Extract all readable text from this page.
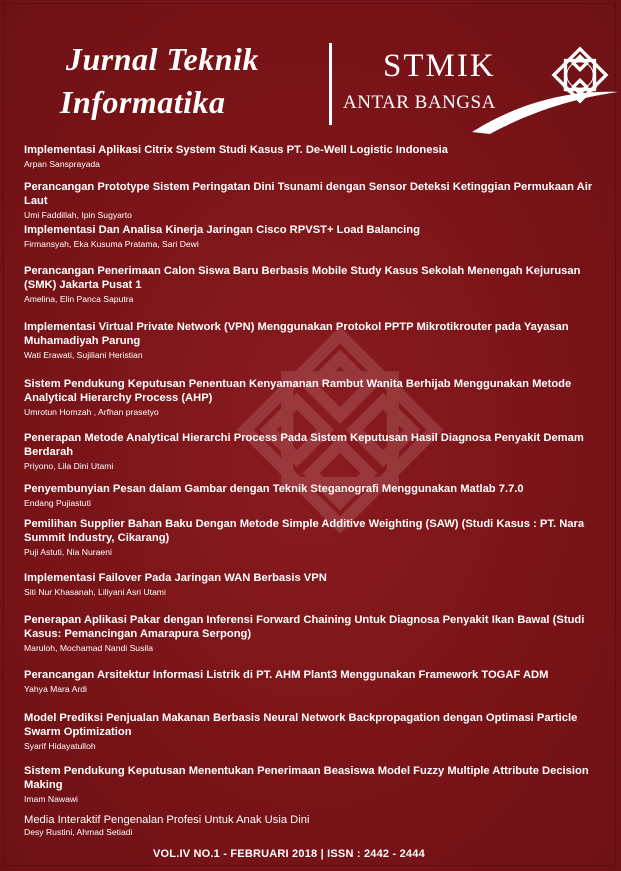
Jurnal Teknik
Informatika
STMIK
ANTAR BANGSA
NUSA PUTRA PUTRI BA
Implementasi Aplikasi Citrix System Studi Kasus PT. De-Well Logistic Indonesia
Arpan Sansprayada
Perancangan Prototype Sistem Peringatan Dini Tsunami dengan Sensor Deteksi Ketinggian Permukaan Air Laut
Umi Faddillah, Ipin Sugyarto
Implementasi Dan Analisa Kinerja Jaringan Cisco RPVST+ Load Balancing
Firmansyah, Eka Kusuma Pratama, Sari Dewi
Perancangan Penerimaan Calon Siswa Baru Berbasis Mobile Study Kasus Sekolah Menengah Kejurusan (SMK) Jakarta Pusat 1
Amelina, Elin Panca Saputra
Implementasi Virtual Private Network (VPN) Menggunakan Protokol PPTP Mikrotikrouter pada Yayasan Muhamadiyah Parung
Wati Erawati, Sujiliani Heristian
Sistem Pendukung Keputusan Penentuan Kenyamanan Rambut Wanita Berhijab Menggunakan Metode Analytical Hierarchy Process (AHP)
Umrotun Homzah , Arfhan prasetyo
Penerapan Metode Analytical Hierarchi Process Pada Sistem Keputusan Hasil Diagnosa Penyakit Demam Berdarah
Priyono, Lila Dini Utami
Penyembunyian Pesan dalam Gambar dengan Teknik Steganografi Menggunakan Matlab 7.7.0
Endang Pujiastuti
Pemilihan Supplier Bahan Baku Dengan Metode Simple Additive Weighting (SAW) (Studi Kasus : PT. Nara Summit Industry, Cikarang)
Puji Astuti, Nia Nuraeni
Implementasi Failover Pada Jaringan WAN Berbasis VPN
Siti Nur Khasanah, Liliyani Asri Utami
Penerapan Aplikasi Pakar dengan Inferensi Forward Chaining Untuk Diagnosa Penyakit Ikan Bawal (Studi Kasus: Pemancingan Amarapura Serpong)
Maruloh, Mochamad Nandi Susila
Perancangan Arsitektur Informasi Listrik di PT. AHM Plant3 Menggunakan Framework TOGAF ADM
Yahya Mara Ardi
Model Prediksi Penjualan Makanan Berbasis Neural Network Backpropagation dengan Optimasi Particle Swarm Optimization
Syarif Hidayatulloh
Sistem Pendukung Keputusan Menentukan Penerimaan Beasiswa Model Fuzzy Multiple Attribute Decision Making
Imam Nawawi
Media Interaktif Pengenalan Profesi Untuk Anak Usia Dini
Desy Rustini, Ahmad Setiadi
VOL.IV NO.1 - FEBRUARI 2018 | ISSN : 2442 - 2444
